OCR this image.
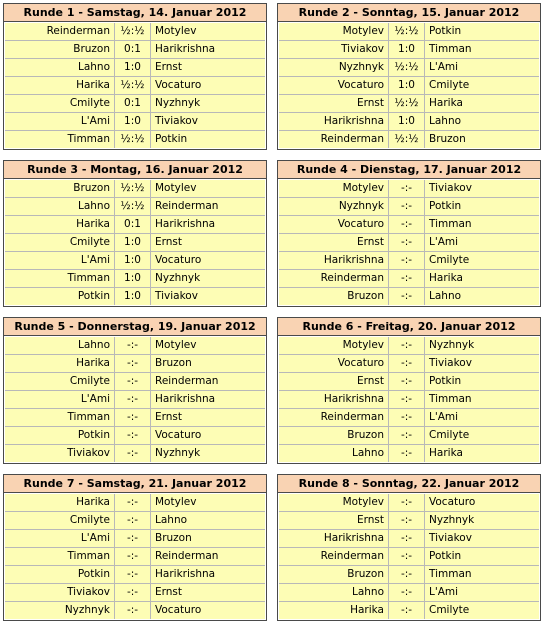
Runde 1 - Samstag, 14. Januar 2012
Reinderman	½:½	Motylev
Bruzon	0:1	Harikrishna
Lahno	1:0	Ernst
Harika	½:½	Vocaturo
Cmilyte	0:1	Nyzhnyk
L'Ami	1:0	Tiviakov
Timman	½:½	Potkin
Runde 2 - Sonntag, 15. Januar 2012
Motylev	½:½	Potkin
Tiviakov	1:0	Timman
Nyzhnyk	½:½	L'Ami
Vocaturo	1:0	Cmilyte
Ernst	½:½	Harika
Harikrishna	1:0	Lahno
Reinderman	½:½	Bruzon
Runde 3 - Montag, 16. Januar 2012
Bruzon	½:½	Motylev
Lahno	½:½	Reinderman
Harika	0:1	Harikrishna
Cmilyte	1:0	Ernst
L'Ami	1:0	Vocaturo
Timman	1:0	Nyzhnyk
Potkin	1:0	Tiviakov
Runde 4 - Dienstag, 17. Januar 2012
Motylev	-:-	Tiviakov
Nyzhnyk	-:-	Potkin
Vocaturo	-:-	Timman
Ernst	-:-	L'Ami
Harikrishna	-:-	Cmilyte
Reinderman	-:-	Harika
Bruzon	-:-	Lahno
Runde 5 - Donnerstag, 19. Januar 2012
Lahno	-:-	Motylev
Harika	-:-	Bruzon
Cmilyte	-:-	Reinderman
L'Ami	-:-	Harikrishna
Timman	-:-	Ernst
Potkin	-:-	Vocaturo
Tiviakov	-:-	Nyzhnyk
Runde 6 - Freitag, 20. Januar 2012
Motylev	-:-	Nyzhnyk
Vocaturo	-:-	Tiviakov
Ernst	-:-	Potkin
Harikrishna	-:-	Timman
Reinderman	-:-	L'Ami
Bruzon	-:-	Cmilyte
Lahno	-:-	Harika
Runde 7 - Samstag, 21. Januar 2012
Harika	-:-	Motylev
Cmilyte	-:-	Lahno
L'Ami	-:-	Bruzon
Timman	-:-	Reinderman
Potkin	-:-	Harikrishna
Tiviakov	-:-	Ernst
Nyzhnyk	-:-	Vocaturo
Runde 8 - Sonntag, 22. Januar 2012
Motylev	-:-	Vocaturo
Ernst	-:-	Nyzhnyk
Harikrishna	-:-	Tiviakov
Reinderman	-:-	Potkin
Bruzon	-:-	Timman
Lahno	-:-	L'Ami
Harika	-:-	Cmilyte
